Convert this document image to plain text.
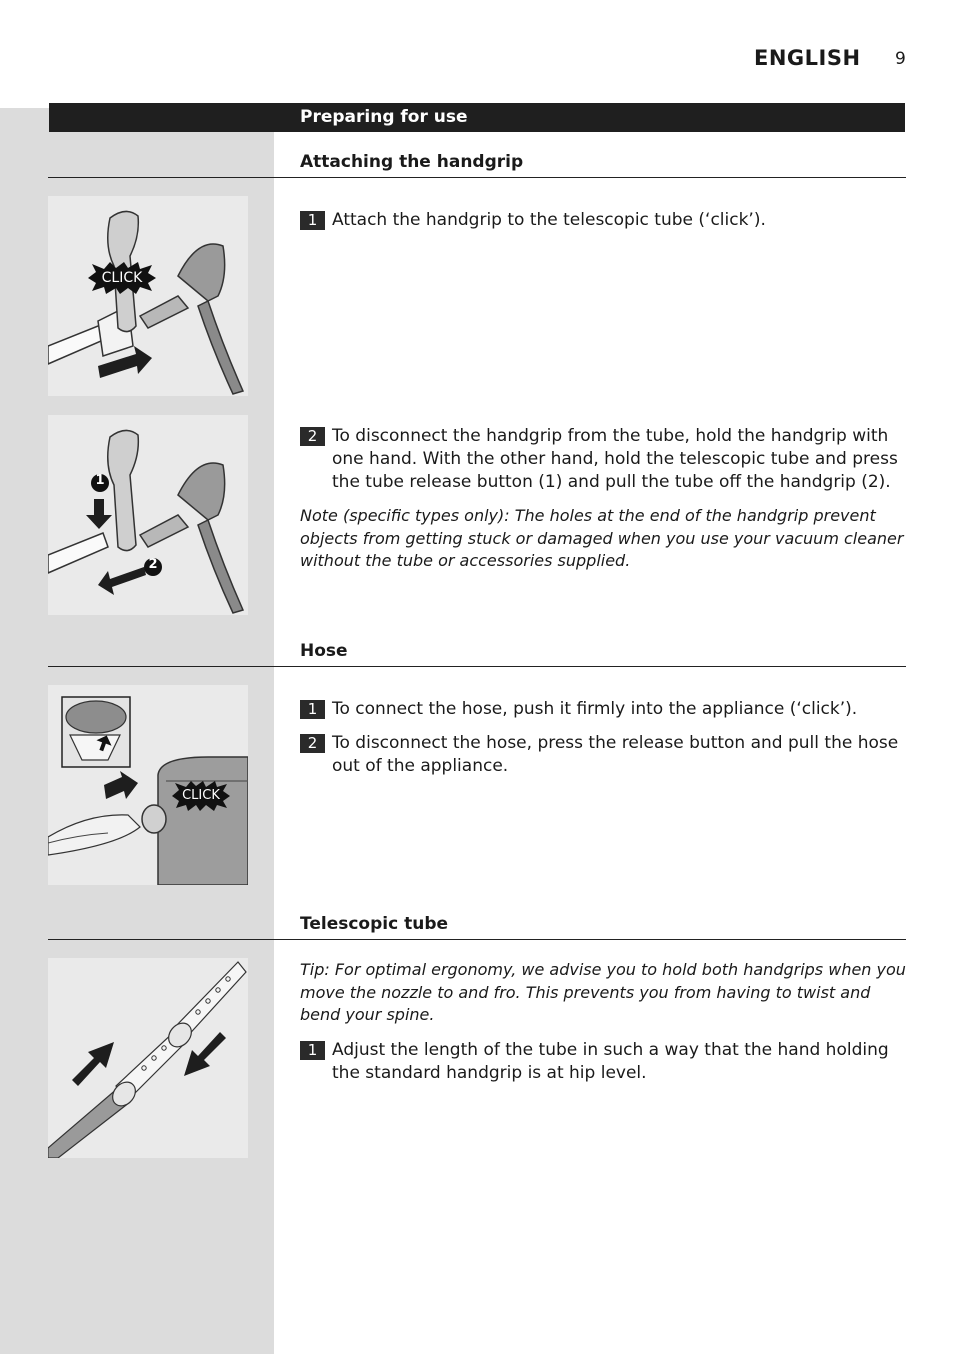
ENGLISH 9
Preparing for use
Attaching the handgrip
CLICK
1 Attach the handgrip to the telescopic tube (‘click’).
1
2
2 To disconnect the handgrip from the tube, hold the handgrip with one hand. With the other hand, hold the telescopic tube and press the tube release button (1) and pull the tube off the handgrip (2).
Note (specific types only): The holes at the end of the handgrip prevent objects from getting stuck or damaged when you use your vacuum cleaner without the tube or accessories supplied.
Hose
CLICK
1 To connect the hose, push it firmly into the appliance (‘click’).
2 To disconnect the hose, press the release button and pull the hose out of the appliance.
Telescopic tube
Tip: For optimal ergonomy, we advise you to hold both handgrips when you move the nozzle to and fro. This prevents you from having to twist and bend your spine.
1 Adjust the length of the tube in such a way that the hand holding the standard handgrip is at hip level.
